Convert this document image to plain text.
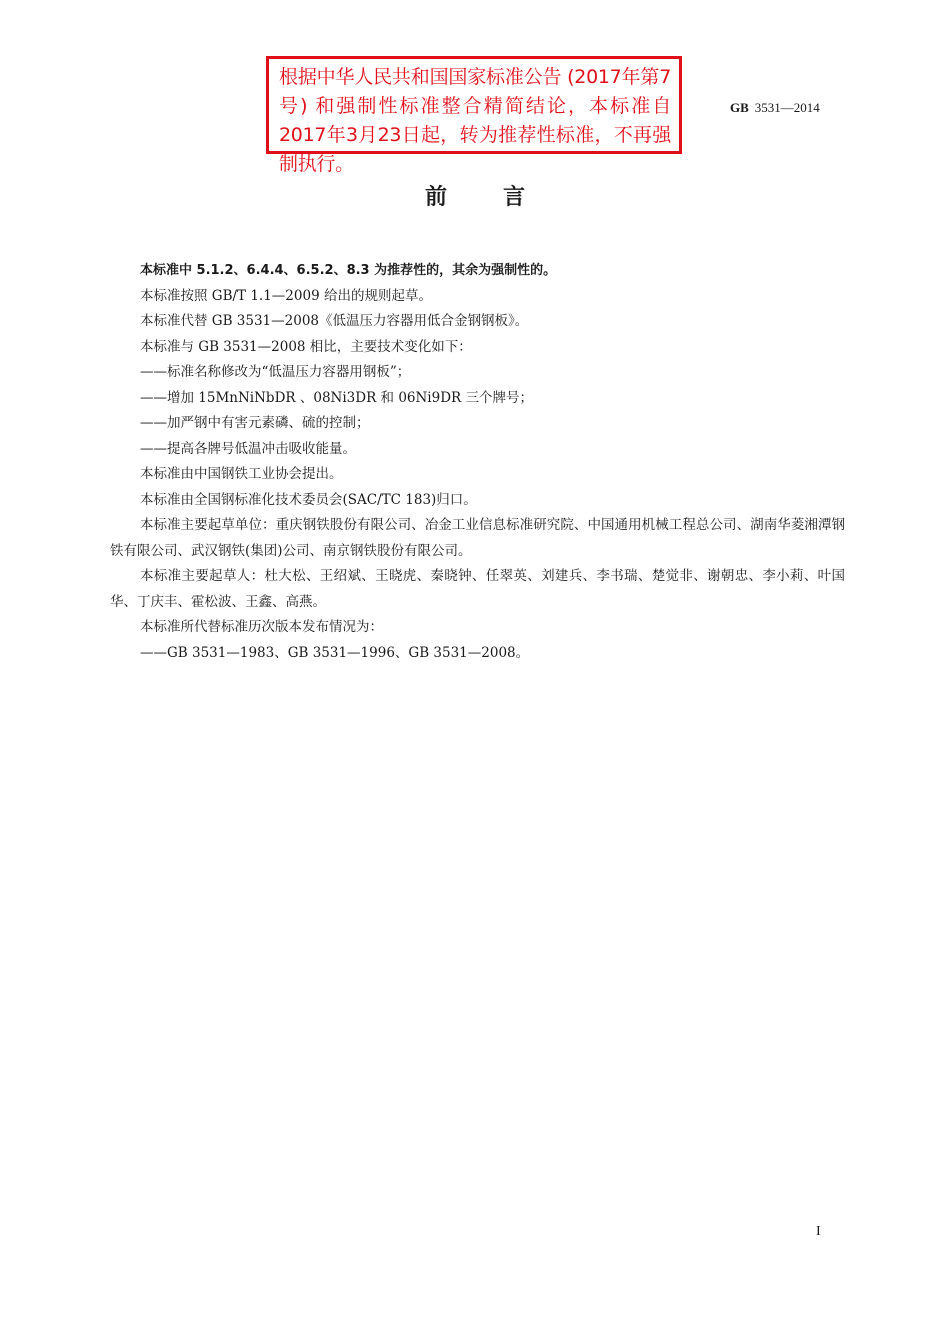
根据中华人民共和国国家标准公告 (2017年第7号) 和强制性标准整合精简结论，本标准自2017年3月23日起，转为推荐性标准，不再强制执行。
GB 3531—2014
前言

本标准中 5.1.2、6.4.4、6.5.2、8.3 为推荐性的，其余为强制性的。

本标准按照 GB/T 1.1—2009 给出的规则起草。

本标准代替 GB 3531—2008《低温压力容器用低合金钢钢板》。

本标准与 GB 3531—2008 相比，主要技术变化如下：

——标准名称修改为“低温压力容器用钢板”；

——增加 15MnNiNbDR 、08Ni3DR 和 06Ni9DR 三个牌号；

——加严钢中有害元素磷、硫的控制；

——提高各牌号低温冲击吸收能量。

本标准由中国钢铁工业协会提出。

本标准由全国钢标准化技术委员会(SAC/TC 183)归口。

本标准主要起草单位：重庆钢铁股份有限公司、冶金工业信息标准研究院、中国通用机械工程总公司、湖南华菱湘潭钢铁有限公司、武汉钢铁(集团)公司、南京钢铁股份有限公司。

本标准主要起草人：杜大松、王绍斌、王晓虎、秦晓钟、任翠英、刘建兵、李书瑞、楚觉非、谢朝忠、李小莉、叶国华、丁庆丰、霍松波、王鑫、高燕。

本标准所代替标准历次版本发布情况为：

——GB 3531—1983、GB 3531—1996、GB 3531—2008。

I
